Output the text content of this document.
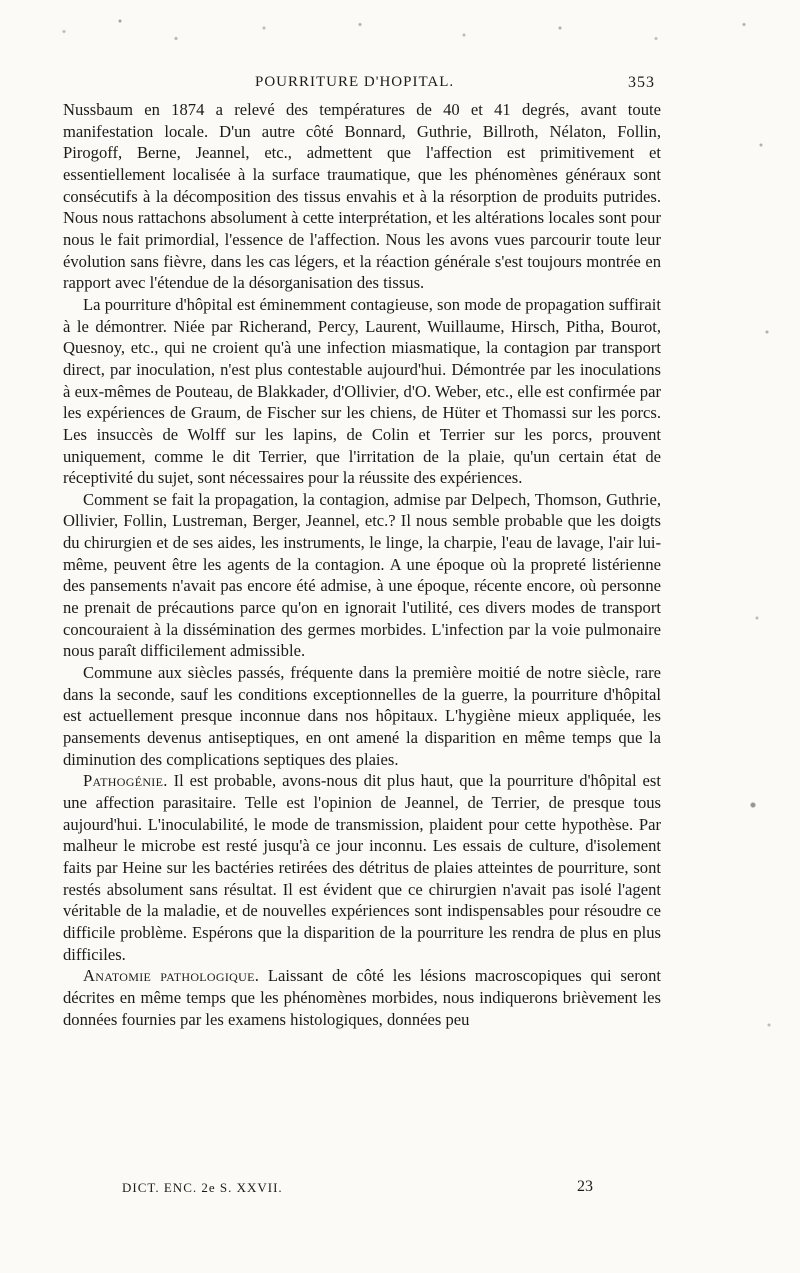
POURRITURE D'HOPITAL.	353

Nussbaum en 1874 a relevé des températures de 40 et 41 degrés, avant toute manifestation locale. D'un autre côté Bonnard, Guthrie, Billroth, Nélaton, Follin, Pirogoff, Berne, Jeannel, etc., admettent que l'affection est primitivement et essentiellement localisée à la surface traumatique, que les phénomènes généraux sont consécutifs à la décomposition des tissus envahis et à la résorption de produits putrides. Nous nous rattachons absolument à cette interprétation, et les altérations locales sont pour nous le fait primordial, l'essence de l'affection. Nous les avons vues parcourir toute leur évolution sans fièvre, dans les cas légers, et la réaction générale s'est toujours montrée en rapport avec l'étendue de la désorganisation des tissus.

La pourriture d'hôpital est éminemment contagieuse, son mode de propagation suffirait à le démontrer. Niée par Richerand, Percy, Laurent, Wuillaume, Hirsch, Pitha, Bourot, Quesnoy, etc., qui ne croient qu'à une infection miasmatique, la contagion par transport direct, par inoculation, n'est plus contestable aujourd'hui. Démontrée par les inoculations à eux-mêmes de Pouteau, de Blakkader, d'Ollivier, d'O. Weber, etc., elle est confirmée par les expériences de Graum, de Fischer sur les chiens, de Hüter et Thomassi sur les porcs. Les insuccès de Wolff sur les lapins, de Colin et Terrier sur les porcs, prouvent uniquement, comme le dit Terrier, que l'irritation de la plaie, qu'un certain état de réceptivité du sujet, sont nécessaires pour la réussite des expériences.

Comment se fait la propagation, la contagion, admise par Delpech, Thomson, Guthrie, Ollivier, Follin, Lustreman, Berger, Jeannel, etc.? Il nous semble probable que les doigts du chirurgien et de ses aides, les instruments, le linge, la charpie, l'eau de lavage, l'air lui-même, peuvent être les agents de la contagion. A une époque où la propreté listérienne des pansements n'avait pas encore été admise, à une époque, récente encore, où personne ne prenait de précautions parce qu'on en ignorait l'utilité, ces divers modes de transport concouraient à la dissémination des germes morbides. L'infection par la voie pulmonaire nous paraît difficilement admissible.

Commune aux siècles passés, fréquente dans la première moitié de notre siècle, rare dans la seconde, sauf les conditions exceptionnelles de la guerre, la pourriture d'hôpital est actuellement presque inconnue dans nos hôpitaux. L'hygiène mieux appliquée, les pansements devenus antiseptiques, en ont amené la disparition en même temps que la diminution des complications septiques des plaies.

Pathogénie. Il est probable, avons-nous dit plus haut, que la pourriture d'hôpital est une affection parasitaire. Telle est l'opinion de Jeannel, de Terrier, de presque tous aujourd'hui. L'inoculabilité, le mode de transmission, plaident pour cette hypothèse. Par malheur le microbe est resté jusqu'à ce jour inconnu. Les essais de culture, d'isolement faits par Heine sur les bactéries retirées des détritus de plaies atteintes de pourriture, sont restés absolument sans résultat. Il est évident que ce chirurgien n'avait pas isolé l'agent véritable de la maladie, et de nouvelles expériences sont indispensables pour résoudre ce difficile problème. Espérons que la disparition de la pourriture les rendra de plus en plus difficiles.

Anatomie pathologique. Laissant de côté les lésions macroscopiques qui seront décrites en même temps que les phénomènes morbides, nous indiquerons brièvement les données fournies par les examens histologiques, données peu

DICT. ENC. 2e S. XXVII.	23
